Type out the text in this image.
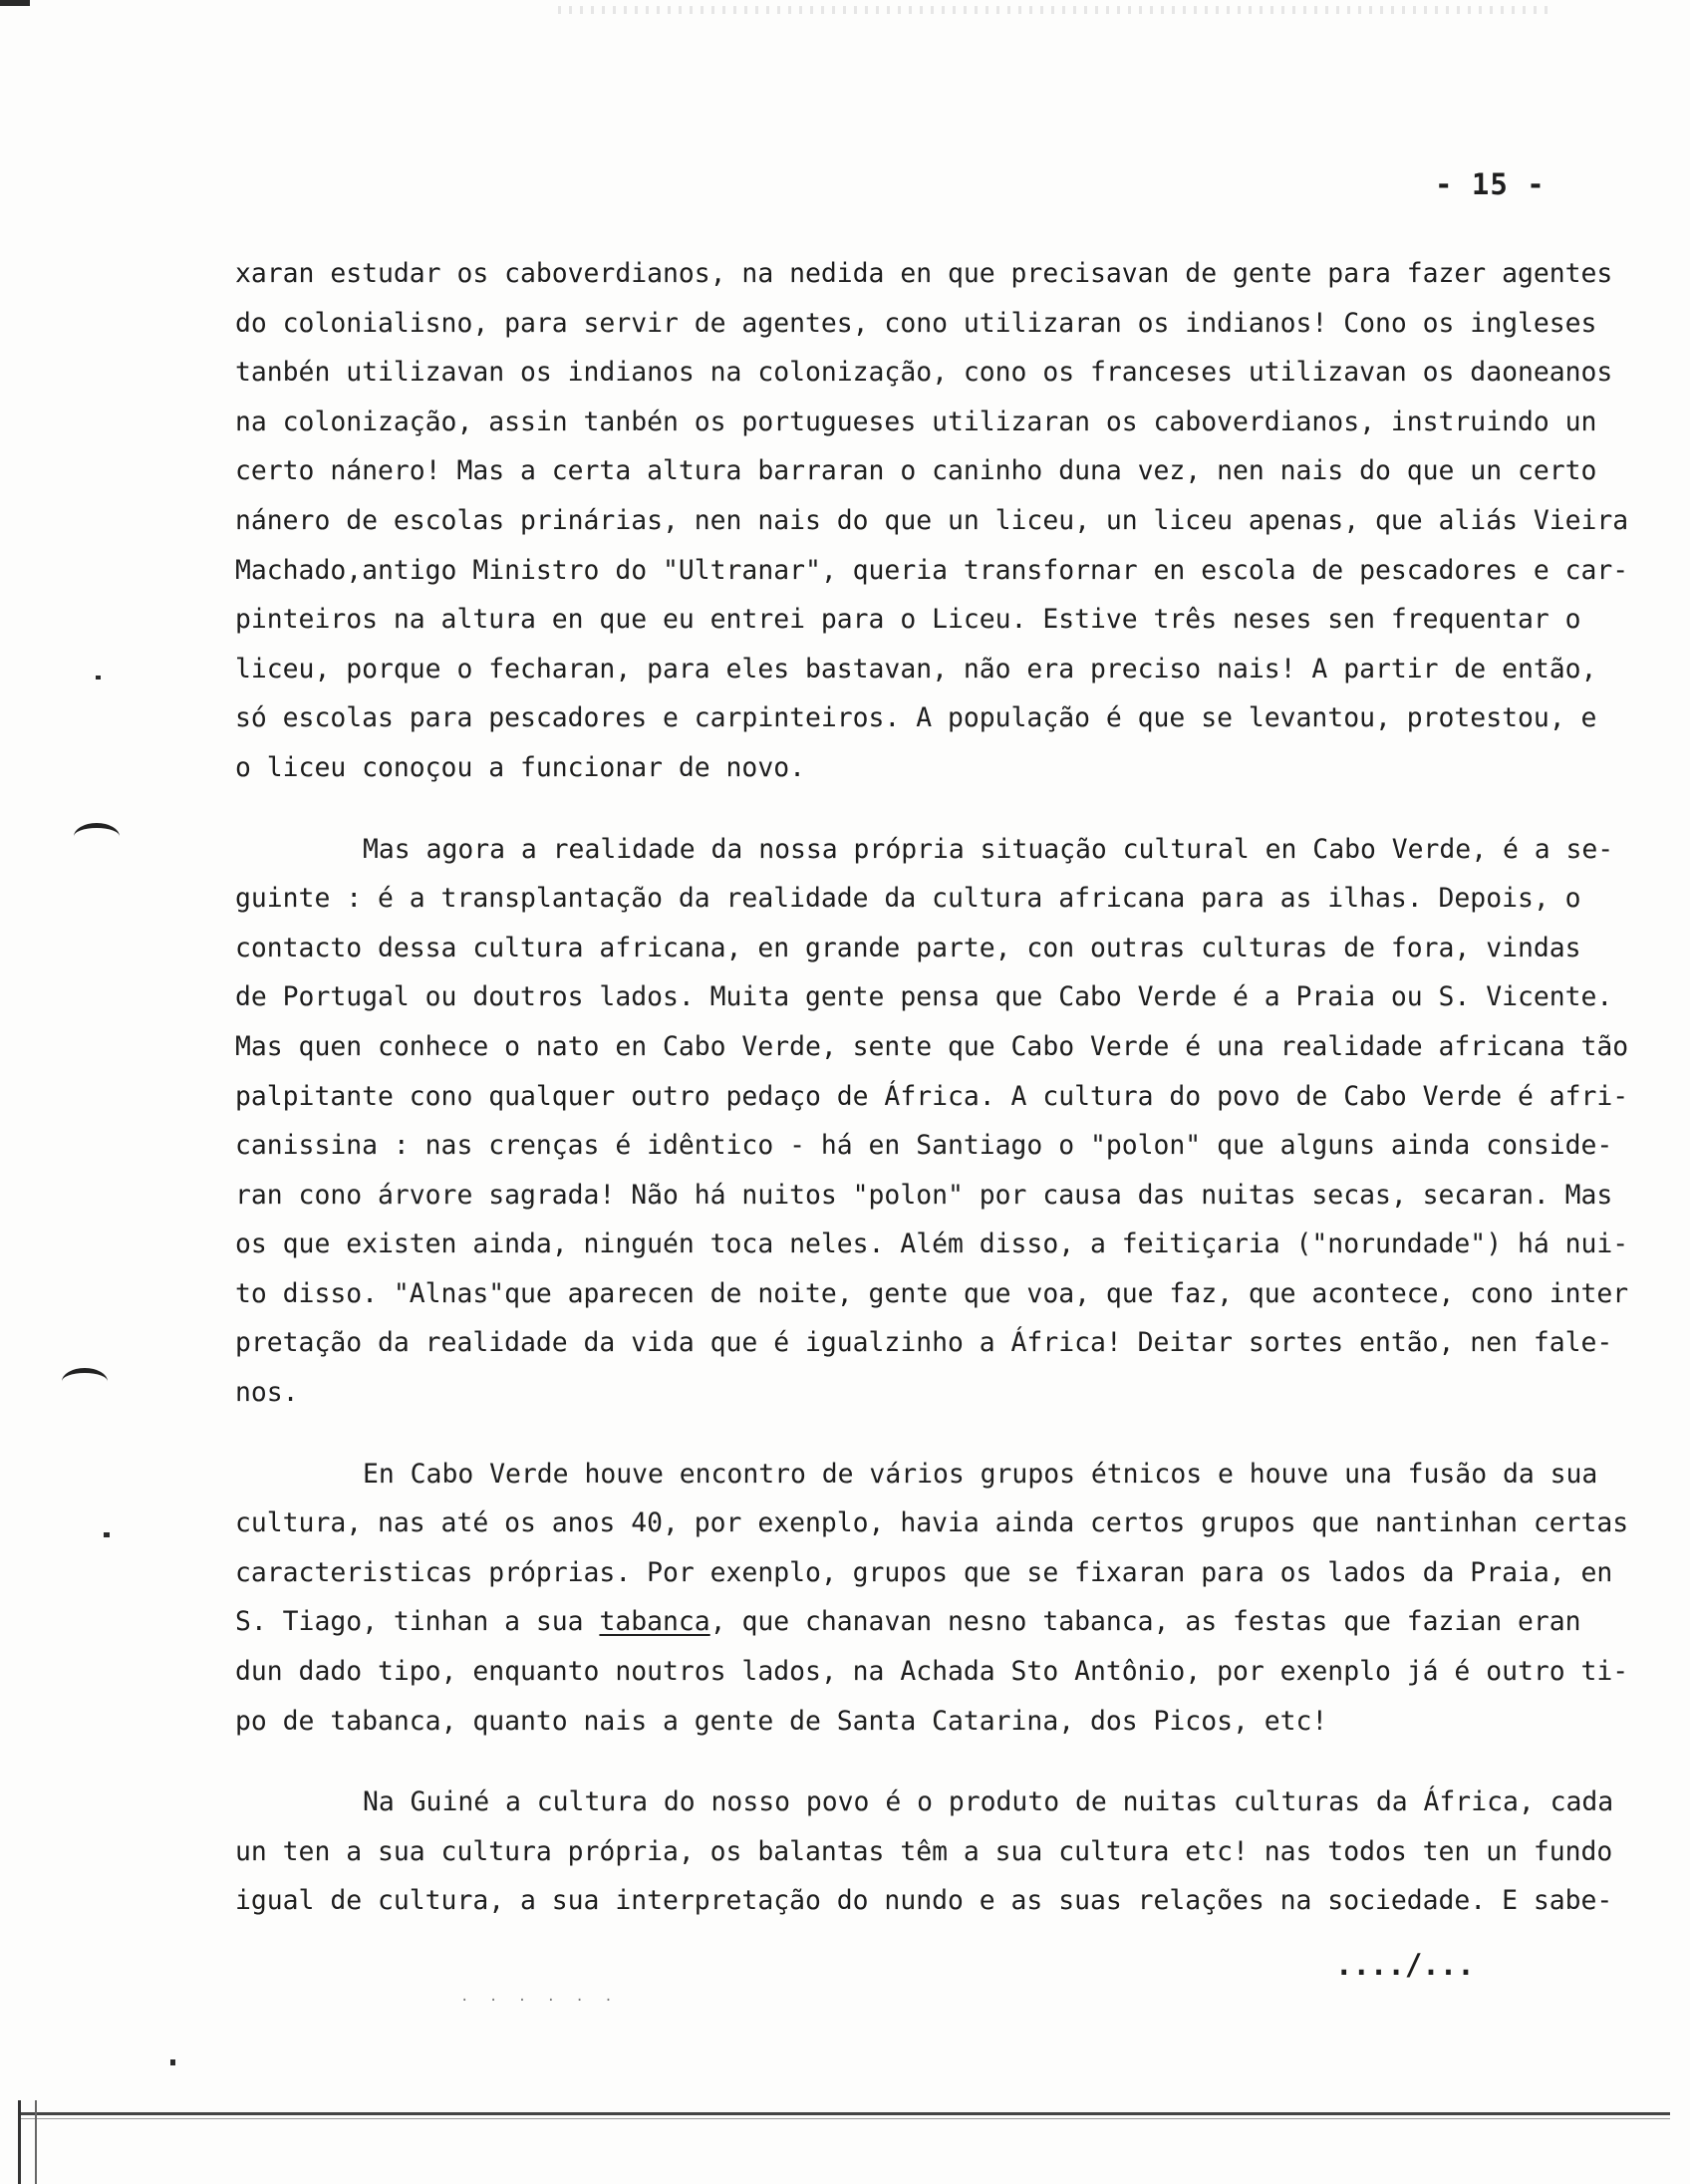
- 15 -
xaran estudar os caboverdianos, na nedida en que precisavan de gente para fazer agentes
do colonialisno, para servir de agentes, cono utilizaran os indianos! Cono os ingleses
tanbén utilizavan os indianos na colonização, cono os franceses utilizavan os daoneanos
na colonização, assin tanbén os portugueses utilizaran os caboverdianos, instruindo un
certo nánero! Mas a certa altura barraran o caninho duna vez, nen nais do que un certo
nánero de escolas prinárias, nen nais do que un liceu, un liceu apenas, que aliás Vieira
Machado,antigo Ministro do "Ultranar", queria transfornar en escola de pescadores e car-
pinteiros na altura en que eu entrei para o Liceu. Estive três neses sen frequentar o
liceu, porque o fecharan, para eles bastavan, não era preciso nais! A partir de então,
só escolas para pescadores e carpinteiros. A população é que se levantou, protestou, e
o liceu conoçou a funcionar de novo.
Mas agora a realidade da nossa própria situação cultural en Cabo Verde, é a se-
guinte : é a transplantação da realidade da cultura africana para as ilhas. Depois, o
contacto dessa cultura africana, en grande parte, con outras culturas de fora, vindas
de Portugal ou doutros lados. Muita gente pensa que Cabo Verde é a Praia ou S. Vicente.
Mas quen conhece o nato en Cabo Verde, sente que Cabo Verde é una realidade africana tão
palpitante cono qualquer outro pedaço de África. A cultura do povo de Cabo Verde é afri-
canissina : nas crenças é idêntico - há en Santiago o "polon" que alguns ainda conside-
ran cono árvore sagrada! Não há nuitos "polon" por causa das nuitas secas, secaran. Mas
os que existen ainda, ninguén toca neles. Além disso, a feitiçaria ("norundade") há nui-
to disso. "Alnas"que aparecen de noite, gente que voa, que faz, que acontece, cono inter
pretação da realidade da vida que é igualzinho a África! Deitar sortes então, nen fale-
nos.
En Cabo Verde houve encontro de vários grupos étnicos e houve una fusão da sua
cultura, nas até os anos 40, por exenplo, havia ainda certos grupos que nantinhan certas
caracteristicas próprias. Por exenplo, grupos que se fixaran para os lados da Praia, en
S. Tiago, tinhan a sua tabanca, que chanavan nesno tabanca, as festas que fazian eran
dun dado tipo, enquanto noutros lados, na Achada Sto Antônio, por exenplo já é outro ti-
po de tabanca, quanto nais a gente de Santa Catarina, dos Picos, etc!
Na Guiné a cultura do nosso povo é o produto de nuitas culturas da África, cada
un ten a sua cultura própria, os balantas têm a sua cultura etc! nas todos ten un fundo
igual de cultura, a sua interpretação do nundo e as suas relações na sociedade. E sabe-
..../...
· · · · · ·
